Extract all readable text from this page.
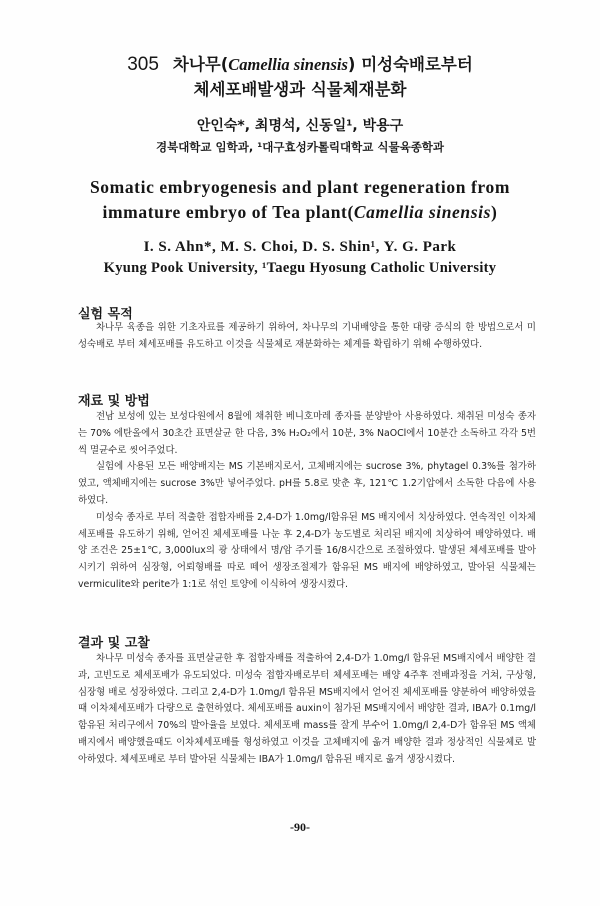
305 차나무(Camellia sinensis) 미성숙배로부터
체세포배발생과 식물체재분화
안인숙*, 최명석, 신동일¹, 박용구
경북대학교 임학과, ¹대구효성카톨릭대학교 식물육종학과
Somatic embryogenesis and plant regeneration from
immature embryo of Tea plant(Camellia sinensis)
I. S. Ahn*, M. S. Choi, D. S. Shin¹, Y. G. Park
Kyung Pook University, ¹Taegu Hyosung Catholic University
실험 목적

차나무 육종을 위한 기초자료를 제공하기 위하여, 차나무의 기내배양을 통한 대량 증식의 한 방법으로서 미성숙배로 부터 체세포배를 유도하고 이것을 식물체로 재분화하는 체계를 확립하기 위해 수행하였다.

재료 및 방법

전남 보성에 있는 보성다원에서 8월에 채취한 베니호마레 종자를 분양받아 사용하였다. 채취된 미성숙 종자는 70% 에탄올에서 30초간 표면살균 한 다음, 3% H₂O₂에서 10분, 3% NaOCl에서 10분간 소독하고 각각 5번씩 멸균수로 씻어주었다.

실험에 사용된 모든 배양배지는 MS 기본배지로서, 고체배지에는 sucrose 3%, phytagel 0.3%를 첨가하였고, 액체배지에는 sucrose 3%만 넣어주었다. pH를 5.8로 맞춘 후, 121℃ 1.2기압에서 소독한 다음에 사용하였다.

미성숙 종자로 부터 적출한 접합자배를 2,4-D가 1.0mg/l함유된 MS 배지에서 치상하였다. 연속적인 이차체세포배를 유도하기 위해, 얻어진 체세포배를 나눈 후 2,4-D가 농도별로 처리된 배지에 치상하여 배양하였다. 배양 조건은 25±1℃, 3,000lux의 광 상태에서 명/암 주기를 16/8시간으로 조절하였다. 발생된 체세포배를 발아시키기 위하여 심장형, 어뢰형배를 따로 떼어 생장조절제가 함유된 MS 배지에 배양하였고, 발아된 식물체는 vermiculite와 perite가 1:1로 섞인 토양에 이식하여 생장시켰다.

결과 및 고찰

차나무 미성숙 종자를 표면살균한 후 접합자배를 적출하여 2,4-D가 1.0mg/l 함유된 MS배지에서 배양한 결과, 고빈도로 체세포배가 유도되었다. 미성숙 접합자배로부터 체세포배는 배양 4주후 전배과정을 거쳐, 구상형, 심장형 배로 성장하였다. 그리고 2,4-D가 1.0mg/l 함유된 MS배지에서 얻어진 체세포배를 양분하여 배양하였을때 이차체세포배가 다량으로 출현하였다. 체세포배를 auxin이 첨가된 MS배지에서 배양한 결과, IBA가 0.1mg/l 함유된 처리구에서 70%의 발아율을 보였다. 체세포배 mass를 잘게 부수어 1.0mg/l 2,4-D가 함유된 MS 액체배지에서 배양했을때도 이차체세포배를 형성하였고 이것을 고체배지에 옮겨 배양한 결과 정상적인 식물체로 발아하였다. 체세포배로 부터 발아된 식물체는 IBA가 1.0mg/l 함유된 배지로 옮겨 생장시켰다.

-90-
